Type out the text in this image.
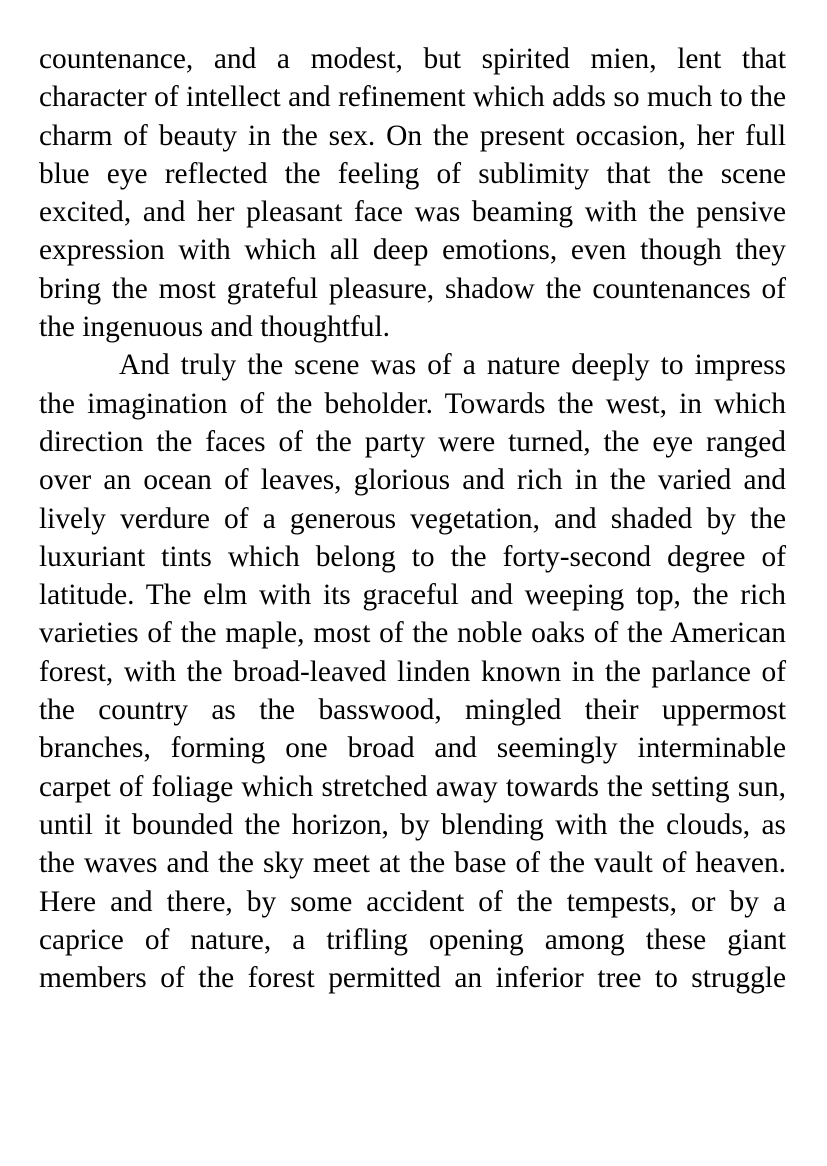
countenance, and a modest, but spirited mien, lent that character of intellect and refinement which adds so much to the charm of beauty in the sex. On the present occasion, her full blue eye reflected the feeling of sublimity that the scene excited, and her pleasant face was beaming with the pensive expression with which all deep emotions, even though they bring the most grateful pleasure, shadow the countenances of the ingenuous and thoughtful.

And truly the scene was of a nature deeply to impress the imagination of the beholder. Towards the west, in which direction the faces of the party were turned, the eye ranged over an ocean of leaves, glorious and rich in the varied and lively verdure of a generous vegetation, and shaded by the luxuriant tints which belong to the forty-second degree of latitude. The elm with its graceful and weeping top, the rich varieties of the maple, most of the noble oaks of the American forest, with the broad-leaved linden known in the parlance of the country as the basswood, mingled their uppermost branches, forming one broad and seemingly interminable carpet of foliage which stretched away towards the setting sun, until it bounded the horizon, by blending with the clouds, as the waves and the sky meet at the base of the vault of heaven. Here and there, by some accident of the tempests, or by a caprice of nature, a trifling opening among these giant members of the forest permitted an inferior tree to struggle
